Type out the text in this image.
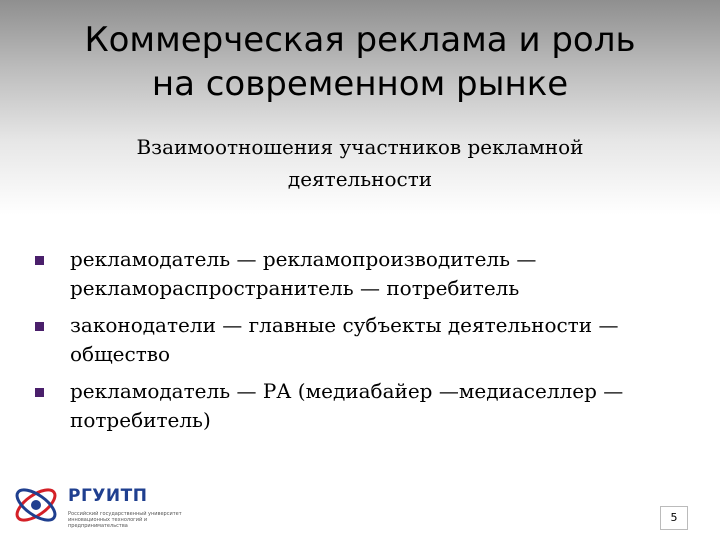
Коммерческая реклама и роль
на современном рынке
Взаимоотношения участников рекламной
деятельности
рекламодатель — рекламопроизводитель —
рекламораспространитель — потребитель
законодатели — главные субъекты деятельности —
общество
рекламодатель — РА (медиабайер —медиаселлер —
потребитель)
РГУИТП
Российский государственный университет инновационных технологий и предпринимательства
5
